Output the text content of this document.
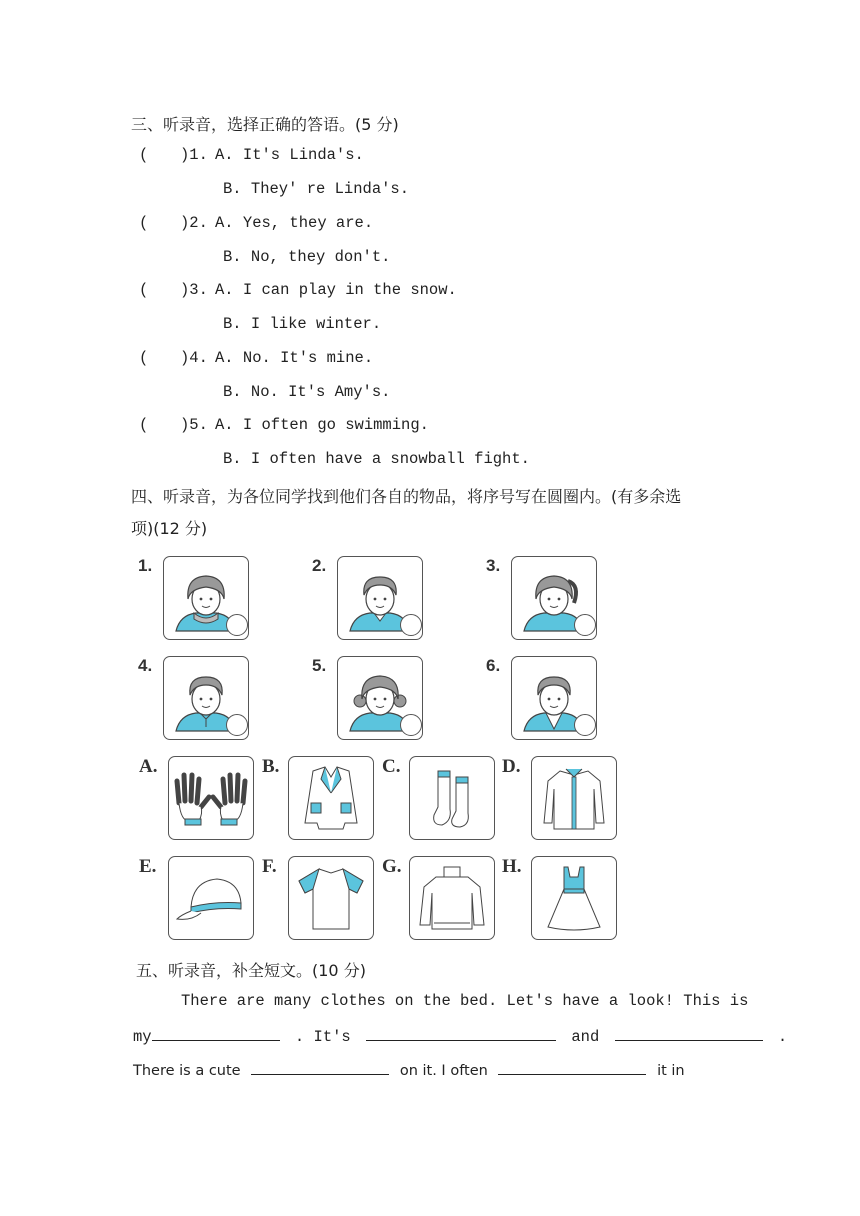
三、听录音，选择正确的答语。(5 分)
( )1. A. It's Linda's.
B. They' re Linda's.
( )2. A. Yes, they are.
B. No, they don't.
( )3. A. I can play in the snow.
B. I like winter.
( )4. A. No. It's mine.
B. No. It's Amy's.
( )5. A. I often go swimming.
B. I often have a snowball fight.
四、听录音，为各位同学找到他们各自的物品，将序号写在圆圈内。(有多余选
项)(12 分)
1.	2.	3.
4.	5.	6.
A.	B.	C.	D.
E.	F.	G.	H.
五、听录音，补全短文。(10 分)
There are many clothes on the bed. Let's have a look! This is
my	. It's	and	.
There is a cute	on it. I often	it in
